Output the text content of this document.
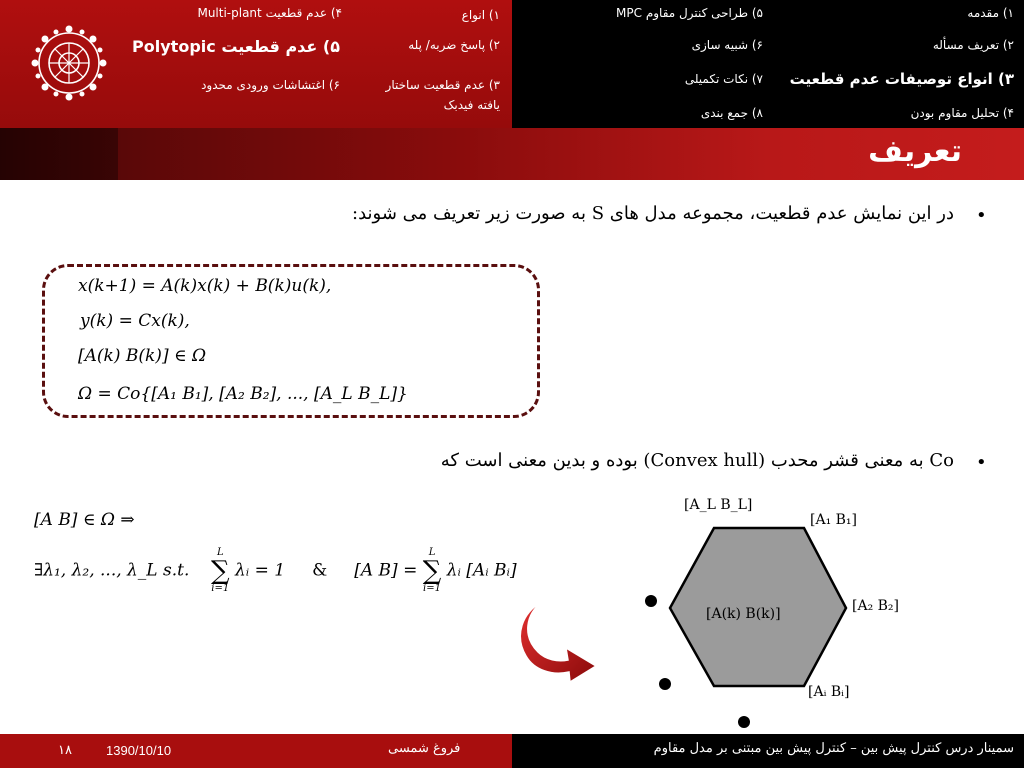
۴) عدم قطعیت Multi-plant
۵) عدم قطعیت Polytopic
۶) اغتشاشات ورودی محدود
۱) انواع
۲) پاسخ ضربه/ پله
۳) عدم قطعیت ساختار
یافته فیدبک
۵) طراحی کنترل مقاوم MPC
۶) شبیه سازی
۷) نکات تکمیلی
۸) جمع بندی
۱) مقدمه
۲) تعریف مسأله
۳) انواع توصیفات عدم قطعیت
۴) تحلیل مقاوم بودن
تعریف
•
در این نمایش عدم قطعیت، مجموعه مدل های S به صورت زیر تعریف می شوند:
x(k+1) = A(k)x(k) + B(k)u(k),
y(k) = Cx(k),
[A(k) B(k)] ∈ Ω
Ω = Co{[A₁ B₁], [A₂ B₂], ..., [A_L B_L]}
•
Co به معنی قشر محدب (Convex hull) بوده و بدین معنی است که
[A B] ∈ Ω ⇒
∃λ₁, λ₂, ..., λ_L s.t.
L
∑
i=1
λᵢ = 1 & [A B] =
L
∑
i=1
λᵢ [Aᵢ Bᵢ]
[A_L B_L]
[A₁ B₁]
[A₂ B₂]
[Aᵢ Bᵢ]
[A(k) B(k)]
۱۸	1390/10/10	فروغ شمسی	سمینار درس کنترل پیش بین – کنترل پیش بین مبتنی بر مدل مقاوم
